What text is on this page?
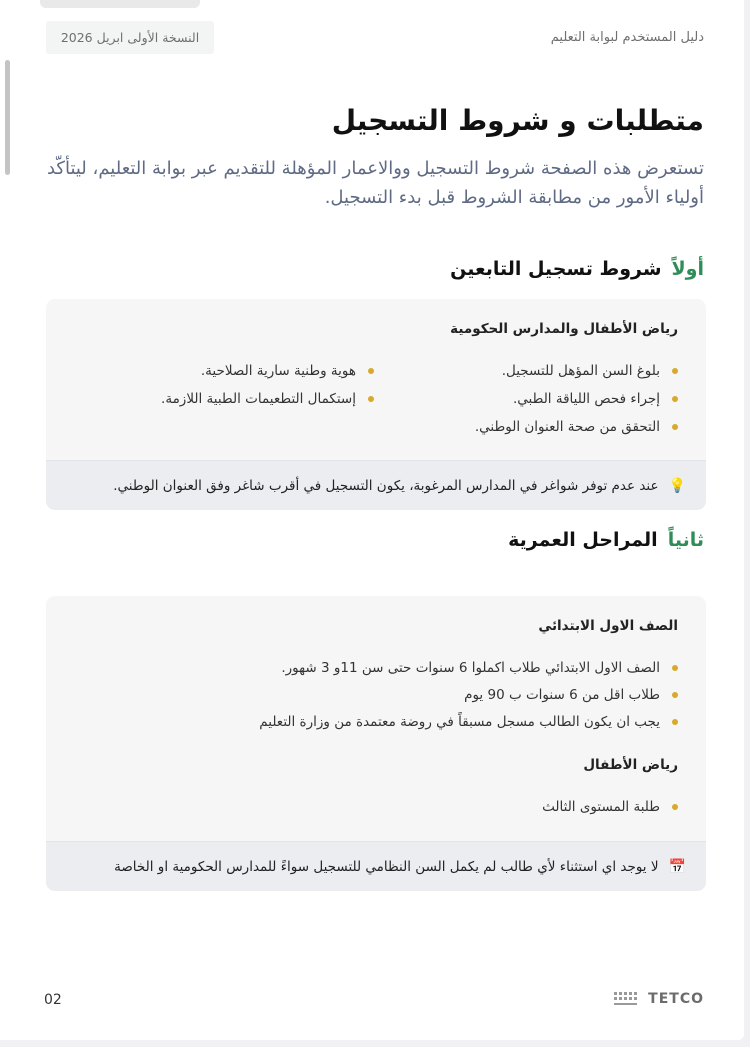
دليل المستخدم لبوابة التعليم
النسخة الأولى ابريل 2026
متطلبات و شروط التسجيل
تستعرض هذه الصفحة شروط التسجيل ووالاعمار المؤهلة للتقديم عبر بوابة التعليم، ليتأكّد أولياء الأمور من مطابقة الشروط قبل بدء التسجيل.
أولاًشروط تسجيل التابعين
رياض الأطفال والمدارس الحكومية
بلوغ السن المؤهل للتسجيل.
إجراء فحص اللياقة الطبي.
التحقق من صحة العنوان الوطني.
هوية وطنية سارية الصلاحية.
إستكمال التطعيمات الطبية اللازمة.
💡
عند عدم توفر شواغر في المدارس المرغوبة، يكون التسجيل في أقرب شاغر وفق العنوان الوطني.
ثانياًالمراحل العمرية
الصف الاول الابتدائي
الصف الاول الابتدائي طلاب اكملوا 6 سنوات حتى سن 11و 3 شهور.
طلاب اقل من 6 سنوات ب 90 يوم
يجب ان يكون الطالب مسجل مسبقاً في روضة معتمدة من وزارة التعليم
رياض الأطفال
طلبة المستوى الثالث
📅
لا يوجد اي استثناء لأي طالب لم يكمل السن النظامي للتسجيل سواءً للمدارس الحكومية او الخاصة
02	TETCO
